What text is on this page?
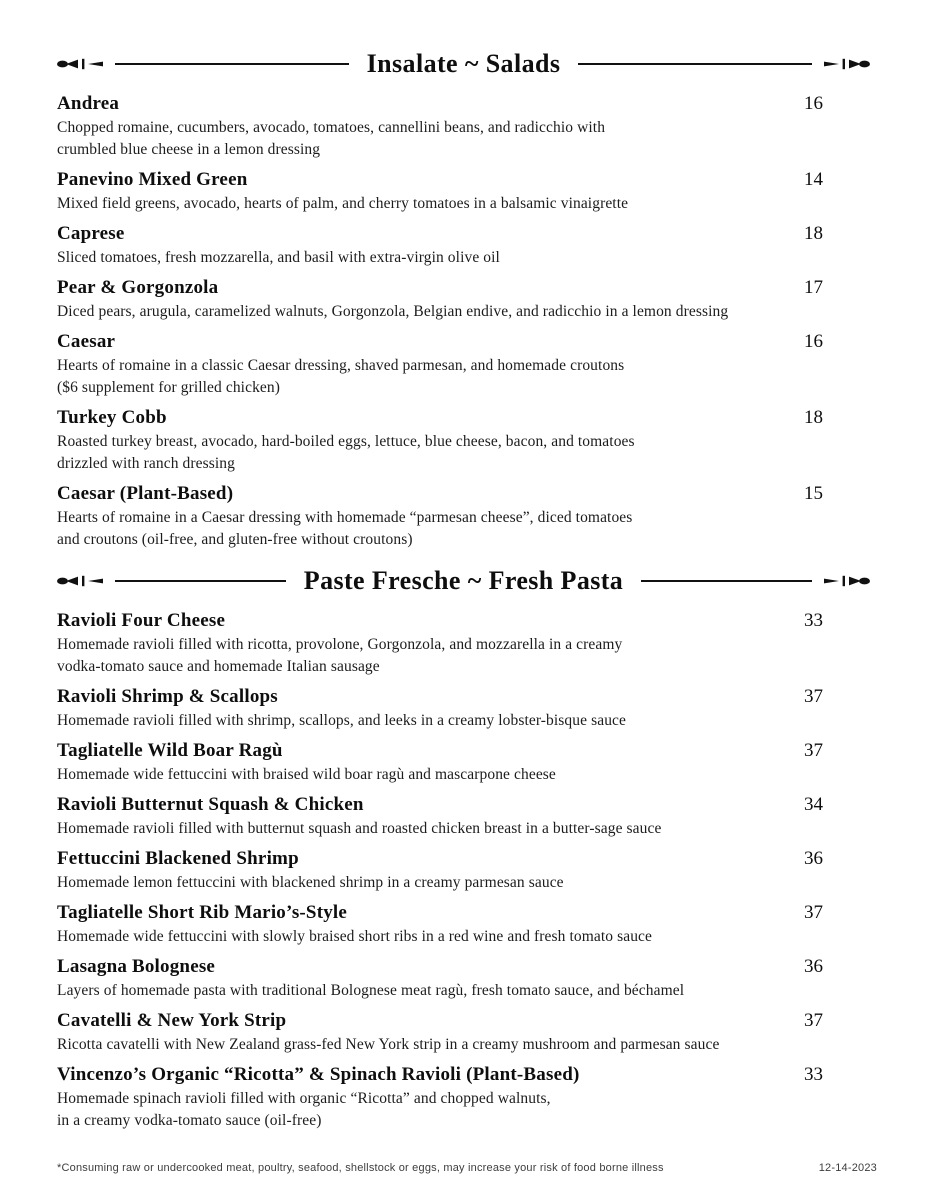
Insalate ~ Salads
Andrea	16
Chopped romaine, cucumbers, avocado, tomatoes, cannellini beans, and radicchio with
crumbled blue cheese in a lemon dressing
Panevino Mixed Green	14
Mixed field greens, avocado, hearts of palm, and cherry tomatoes in a balsamic vinaigrette
Caprese	18
Sliced tomatoes, fresh mozzarella, and basil with extra-virgin olive oil
Pear & Gorgonzola	17
Diced pears, arugula, caramelized walnuts, Gorgonzola, Belgian endive, and radicchio in a lemon dressing
Caesar	16
Hearts of romaine in a classic Caesar dressing, shaved parmesan, and homemade croutons
($6 supplement for grilled chicken)
Turkey Cobb	18
Roasted turkey breast, avocado, hard-boiled eggs, lettuce, blue cheese, bacon, and tomatoes
drizzled with ranch dressing
Caesar (Plant-Based)	15
Hearts of romaine in a Caesar dressing with homemade “parmesan cheese”, diced tomatoes
and croutons (oil-free, and gluten-free without croutons)
Paste Fresche ~ Fresh Pasta
Ravioli Four Cheese	33
Homemade ravioli filled with ricotta, provolone, Gorgonzola, and mozzarella in a creamy
vodka-tomato sauce and homemade Italian sausage
Ravioli Shrimp & Scallops	37
Homemade ravioli filled with shrimp, scallops, and leeks in a creamy lobster-bisque sauce
Tagliatelle Wild Boar Ragù	37
Homemade wide fettuccini with braised wild boar ragù and mascarpone cheese
Ravioli Butternut Squash & Chicken	34
Homemade ravioli filled with butternut squash and roasted chicken breast in a butter-sage sauce
Fettuccini Blackened Shrimp	36
Homemade lemon fettuccini with blackened shrimp in a creamy parmesan sauce
Tagliatelle Short Rib Mario’s-Style	37
Homemade wide fettuccini with slowly braised short ribs in a red wine and fresh tomato sauce
Lasagna Bolognese	36
Layers of homemade pasta with traditional Bolognese meat ragù, fresh tomato sauce, and béchamel
Cavatelli & New York Strip	37
Ricotta cavatelli with New Zealand grass-fed New York strip in a creamy mushroom and parmesan sauce
Vincenzo’s Organic “Ricotta” & Spinach Ravioli (Plant-Based)	33
Homemade spinach ravioli filled with organic “Ricotta” and chopped walnuts,
in a creamy vodka-tomato sauce (oil-free)
*Consuming raw or undercooked meat, poultry, seafood, shellstock or eggs, may increase your risk of food borne illness	12-14-2023
